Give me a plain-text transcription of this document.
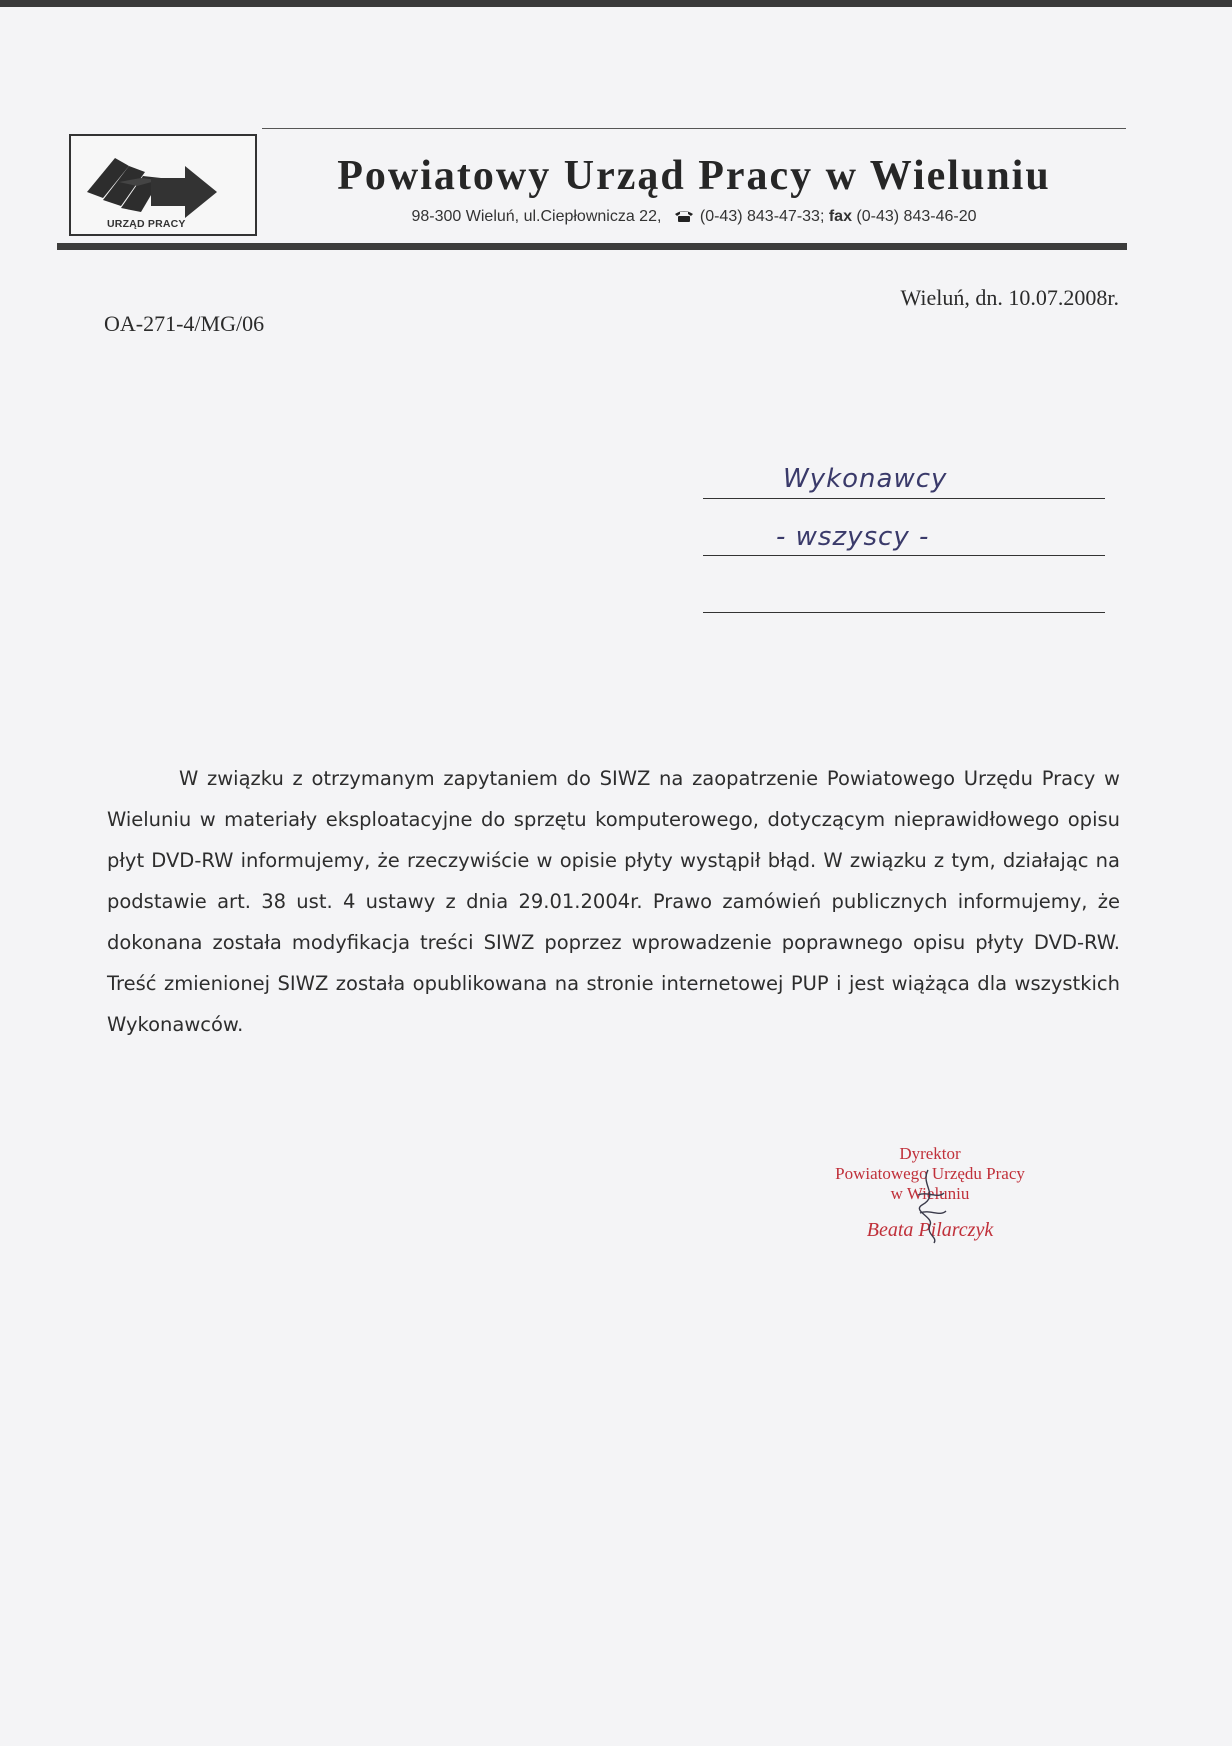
URZĄD PRACY
Powiatowy Urząd Pracy w Wieluniu
98-300 Wieluń, ul.Ciepłownicza 22, (0-43) 843-47-33; fax (0-43) 843-46-20
Wieluń, dn. 10.07.2008r.
OA-271-4/MG/06
Wykonawcy
- wszyscy -
W związku z otrzymanym zapytaniem do SIWZ na zaopatrzenie Powiatowego Urzędu Pracy w Wieluniu w materiały eksploatacyjne do sprzętu komputerowego, dotyczącym nieprawidłowego opisu płyt DVD-RW informujemy, że rzeczywiście w opisie płyty wystąpił błąd. W związku z tym, działając na podstawie art. 38 ust. 4 ustawy z dnia 29.01.2004r. Prawo zamówień publicznych informujemy, że dokonana została modyfikacja treści SIWZ poprzez wprowadzenie poprawnego opisu płyty DVD-RW. Treść zmienionej SIWZ została opublikowana na stronie internetowej PUP i jest wiążąca dla wszystkich Wykonawców.
Dyrektor
Powiatowego Urzędu Pracy
w Wieluniu
Beata Pilarczyk
